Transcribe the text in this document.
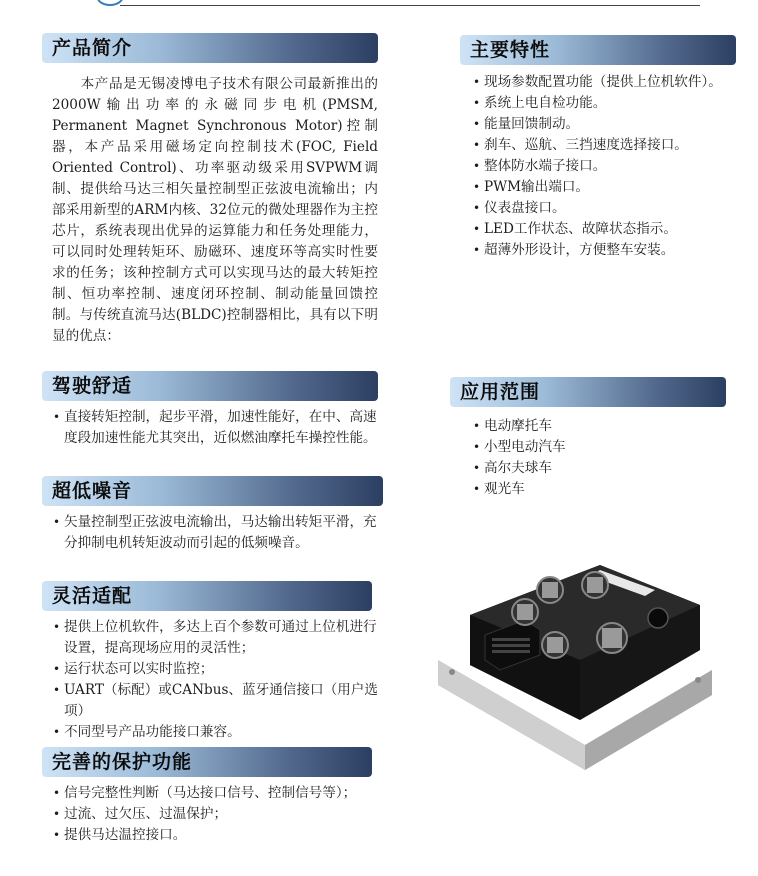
产品简介
本产品是无锡凌博电子技术有限公司最新推出的2000W输出功率的永磁同步电机(PMSM, Permanent Magnet Synchronous Motor)控制器，本产品采用磁场定向控制技术(FOC, Field Oriented Control)、功率驱动级采用SVPWM调制、提供给马达三相矢量控制型正弦波电流输出；内部采用新型的ARM内核、32位元的微处理器作为主控芯片，系统表现出优异的运算能力和任务处理能力，可以同时处理转矩环、励磁环、速度环等高实时性要求的任务；该种控制方式可以实现马达的最大转矩控制、恒功率控制、速度闭环控制、制动能量回馈控制。与传统直流马达(BLDC)控制器相比，具有以下明显的优点：
驾驶舒适
• 直接转矩控制，起步平滑，加速性能好，在中、高速度段加速性能尤其突出，近似燃油摩托车操控性能。
超低噪音
• 矢量控制型正弦波电流输出，马达输出转矩平滑，充分抑制电机转矩波动而引起的低频噪音。
灵活适配
• 提供上位机软件，多达上百个参数可通过上位机进行设置，提高现场应用的灵活性；
• 运行状态可以实时监控；
• UART（标配）或CANbus、蓝牙通信接口（用户选项）
• 不同型号产品功能接口兼容。
完善的保护功能
• 信号完整性判断（马达接口信号、控制信号等）；
• 过流、过欠压、过温保护；
• 提供马达温控接口。
主要特性
• 现场参数配置功能（提供上位机软件）。
• 系统上电自检功能。
• 能量回馈制动。
• 刹车、巡航、三挡速度选择接口。
• 整体防水端子接口。
• PWM输出端口。
• 仪表盘接口。
• LED工作状态、故障状态指示。
• 超薄外形设计，方便整车安装。
应用范围
• 电动摩托车
• 小型电动汽车
• 高尔夫球车
• 观光车
